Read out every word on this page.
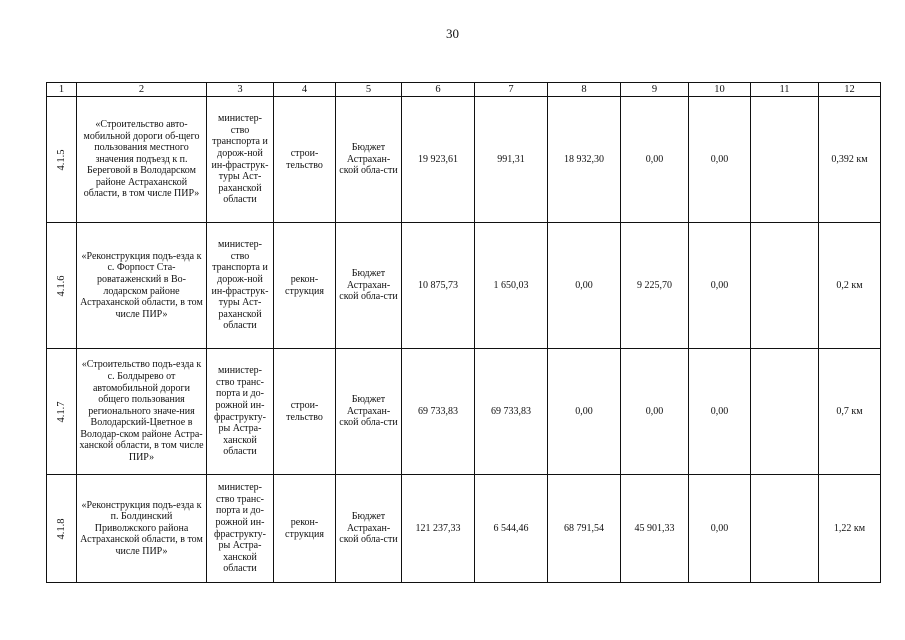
30
1	2	3	4	5	6	7	8	9	10	11	12

4.1.5	«Строительство авто-мобильной дороги об-щего пользования местного значения подъезд к п. Береговой в Володарском районе Астраханской области, в том числе ПИР»	министер-ство транспорта и дорож-ной ин-фраструк-туры Аст-раханской области	строи-тельство	Бюджет Астрахан-ской обла-сти	19 923,61	991,31	18 932,30	0,00	0,00		0,392 км

4.1.6	«Реконструкция подъ-езда к с. Форпост Ста-роватаженский в Во-лодарском районе Астраханской области, в том числе ПИР»	министер-ство транспорта и дорож-ной ин-фраструк-туры Аст-раханской области	рекон-струкция	Бюджет Астрахан-ской обла-сти	10 875,73	1 650,03	0,00	9 225,70	0,00		0,2 км

4.1.7	«Строительство подъ-езда к с. Болдырево от автомобильной дороги общего пользования регионального значе-ния Володарский-Цветное в Володар-ском районе Астра-ханской области, в том числе ПИР»	министер-ство транс-порта и до-рожной ин-фраструкту-ры Астра-ханской области	строи-тельство	Бюджет Астрахан-ской обла-сти	69 733,83	69 733,83	0,00	0,00	0,00		0,7 км

4.1.8	«Реконструкция подъ-езда к п. Болдинский Приволжского района Астраханской области, в том числе ПИР»	министер-ство транс-порта и до-рожной ин-фраструкту-ры Астра-ханской области	рекон-струкция	Бюджет Астрахан-ской обла-сти	121 237,33	6 544,46	68 791,54	45 901,33	0,00		1,22 км
